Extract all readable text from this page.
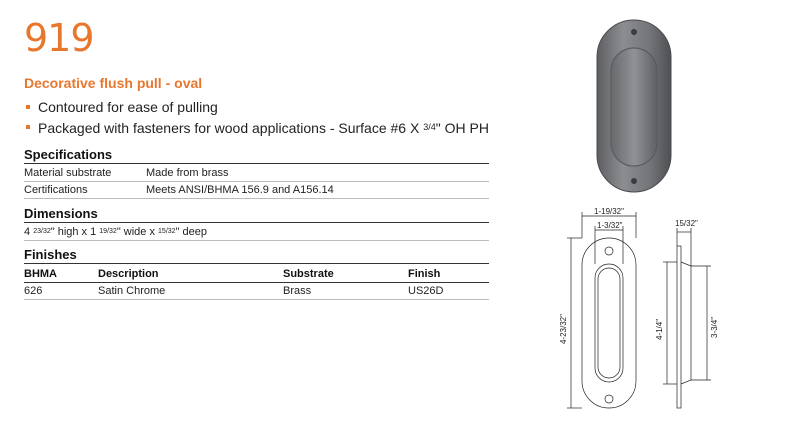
919
Decorative flush pull - oval
Contoured for ease of pulling
Packaged with fasteners for wood applications - Surface #6 X $^{3/4}$" OH PH
Specifications
Material substrate	Made from brass
Certifications	Meets ANSI/BHMA 156.9 and A156.14
Dimensions
4 23/32" high x 1 19/32" wide x 15/32" deep
Finishes
BHMA	Description	Substrate	Finish
626	Satin Chrome	Brass	US26D
1-19/32"
1-3/32"
4-23/32"	4-1/4"
15/32"
3-3/4"
